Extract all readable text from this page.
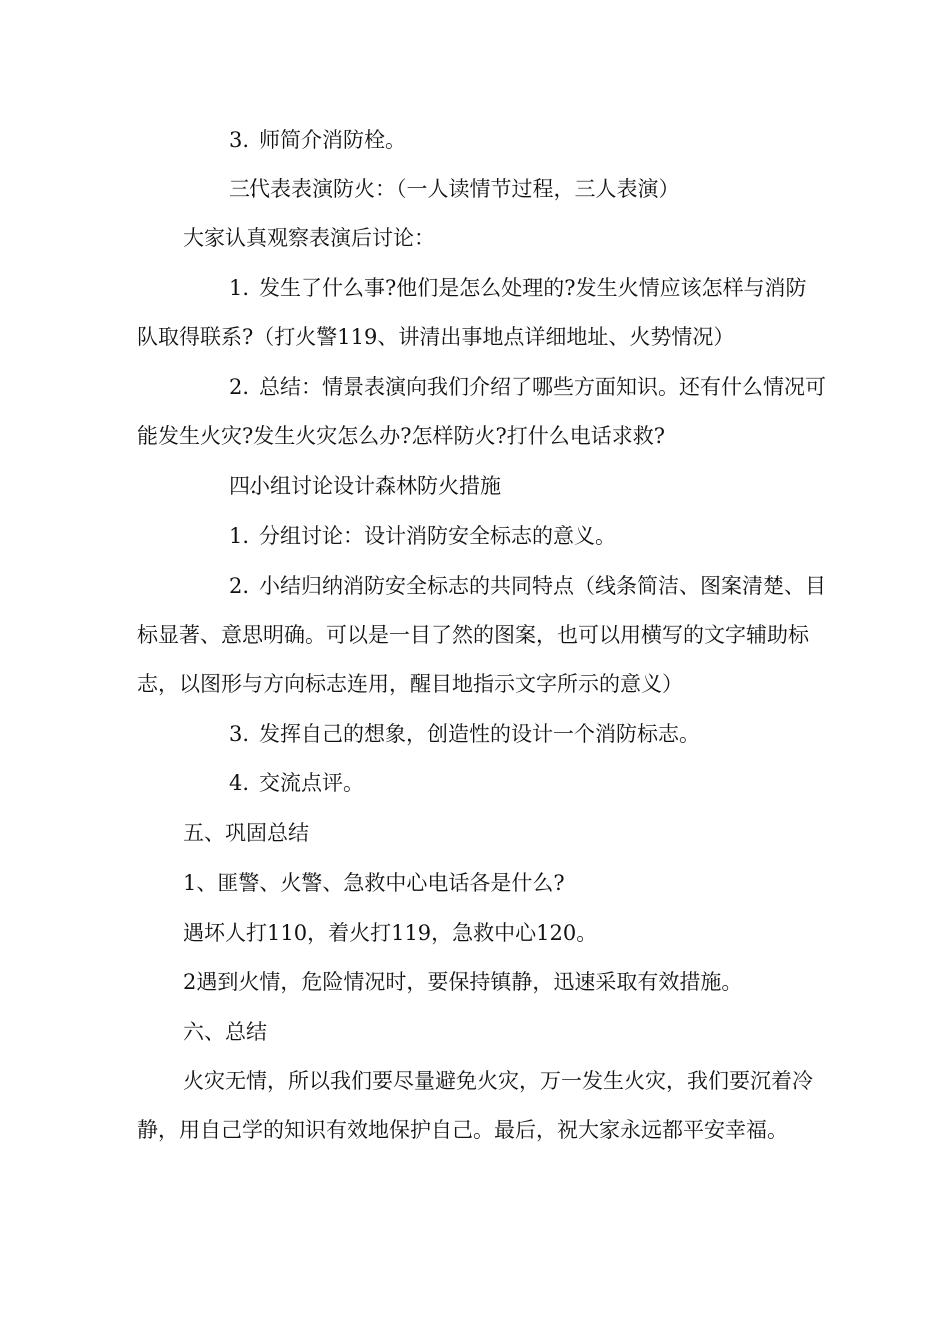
3. 师简介消防栓。
三.代表表演防火：（一人读情节过程，三人表演）
大家认真观察表演后讨论：
1. 发生了什么事?他们是怎么处理的?发生火情应该怎样与消防队取得联系?（打火警119、讲清出事地点详细地址、火势情况）
2. 总结：情景表演向我们介绍了哪些方面知识。还有什么情况可能发生火灾?发生火灾怎么办?怎样防火?打什么电话求救?
四.小组讨论设计森林防火措施
1. 分组讨论：设计消防安全标志的意义。
2. 小结归纳消防安全标志的共同特点（线条简洁、图案清楚、目标显著、意思明确。可以是一目了然的图案，也可以用横写的文字辅助标志，以图形与方向标志连用，醒目地指示文字所示的意义）
3. 发挥自己的想象，创造性的设计一个消防标志。
4. 交流点评。
五、巩固总结
1、匪警、火警、急救中心电话各是什么?
遇坏人打110，着火打119，急救中心120。
2遇到火情，危险情况时，要保持镇静，迅速采取有效措施。
六、总结
火灾无情，所以我们要尽量避免火灾，万一发生火灾，我们要沉着冷静，用自己学的知识有效地保护自己。最后，祝大家永远都平安幸福。
